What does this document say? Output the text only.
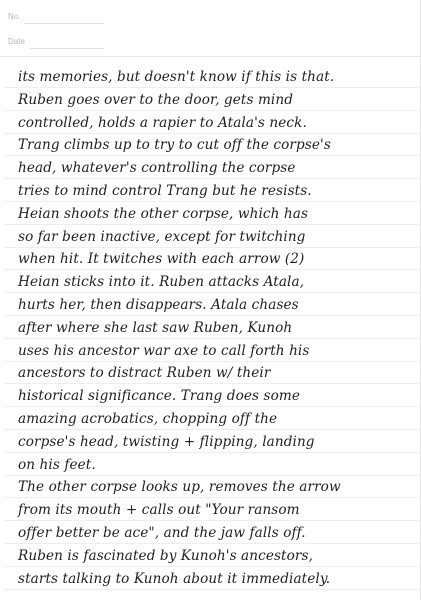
No.
Date
its memories, but doesn't know if this is that.
Ruben goes over to the door, gets mind
controlled, holds a rapier to Atala's neck.
Trang climbs up to try to cut off the corpse's
head, whatever's controlling the corpse
tries to mind control Trang but he resists.
Heian shoots the other corpse, which has
so far been inactive, except for twitching
when hit. It twitches with each arrow (2)
Heian sticks into it. Ruben attacks Atala,
hurts her, then disappears. Atala chases
after where she last saw Ruben, Kunoh
uses his ancestor war axe to call forth his
ancestors to distract Ruben w/ their
historical significance. Trang does some
amazing acrobatics, chopping off the
corpse's head, twisting + flipping, landing
on his feet.
The other corpse looks up, removes the arrow
from its mouth + calls out "Your ransom
offer better be ace", and the jaw falls off.
Ruben is fascinated by Kunoh's ancestors,
starts talking to Kunoh about it immediately.
